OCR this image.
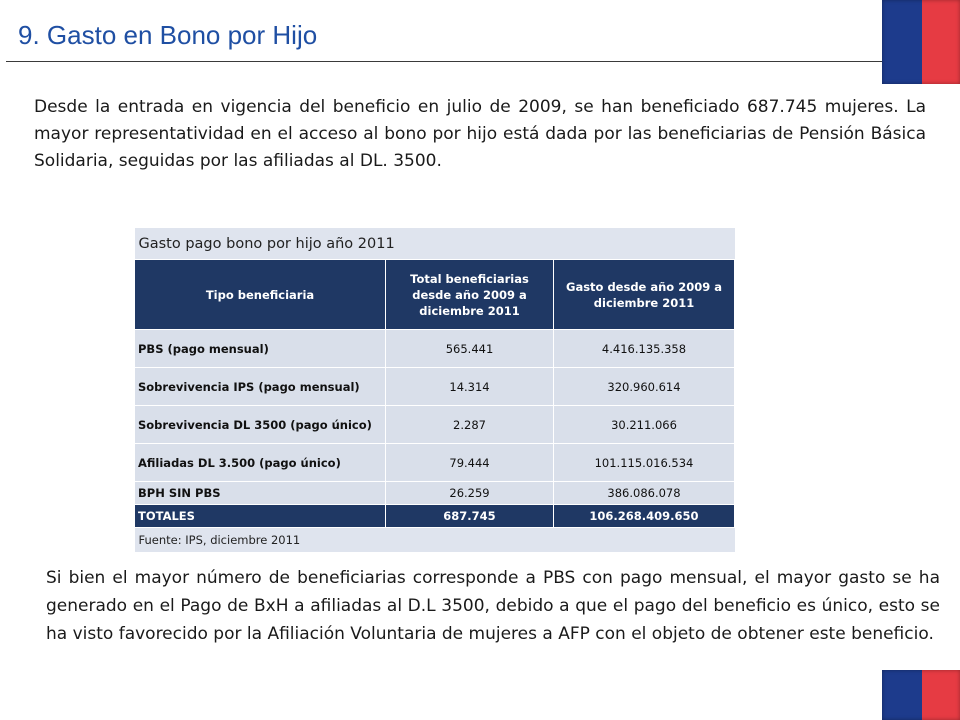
9. Gasto en Bono por Hijo

Desde la entrada en vigencia del beneficio en julio de 2009, se han beneficiado 687.745 mujeres. La mayor representatividad en el acceso al bono por hijo está dada por las beneficiarias de Pensión Básica Solidaria, seguidas por las afiliadas al DL. 3500.

Gasto pago bono por hijo año 2011		
Tipo beneficiaria	Total beneficiarias desde año 2009 a diciembre 2011	Gasto desde año 2009 a diciembre 2011
PBS (pago mensual)	565.441	4.416.135.358
Sobrevivencia IPS (pago mensual)	14.314	320.960.614
Sobrevivencia DL 3500 (pago único)	2.287	30.211.066
Afiliadas DL 3.500 (pago único)	79.444	101.115.016.534
BPH SIN PBS	26.259	386.086.078
TOTALES	687.745	106.268.409.650
Fuente: IPS, diciembre 2011		

Si bien el mayor número de beneficiarias corresponde a PBS con pago mensual, el mayor gasto se ha generado en el Pago de BxH a afiliadas al D.L 3500, debido a que el pago del beneficio es único, esto se ha visto favorecido por la Afiliación Voluntaria de mujeres a AFP con el objeto de obtener este beneficio.
